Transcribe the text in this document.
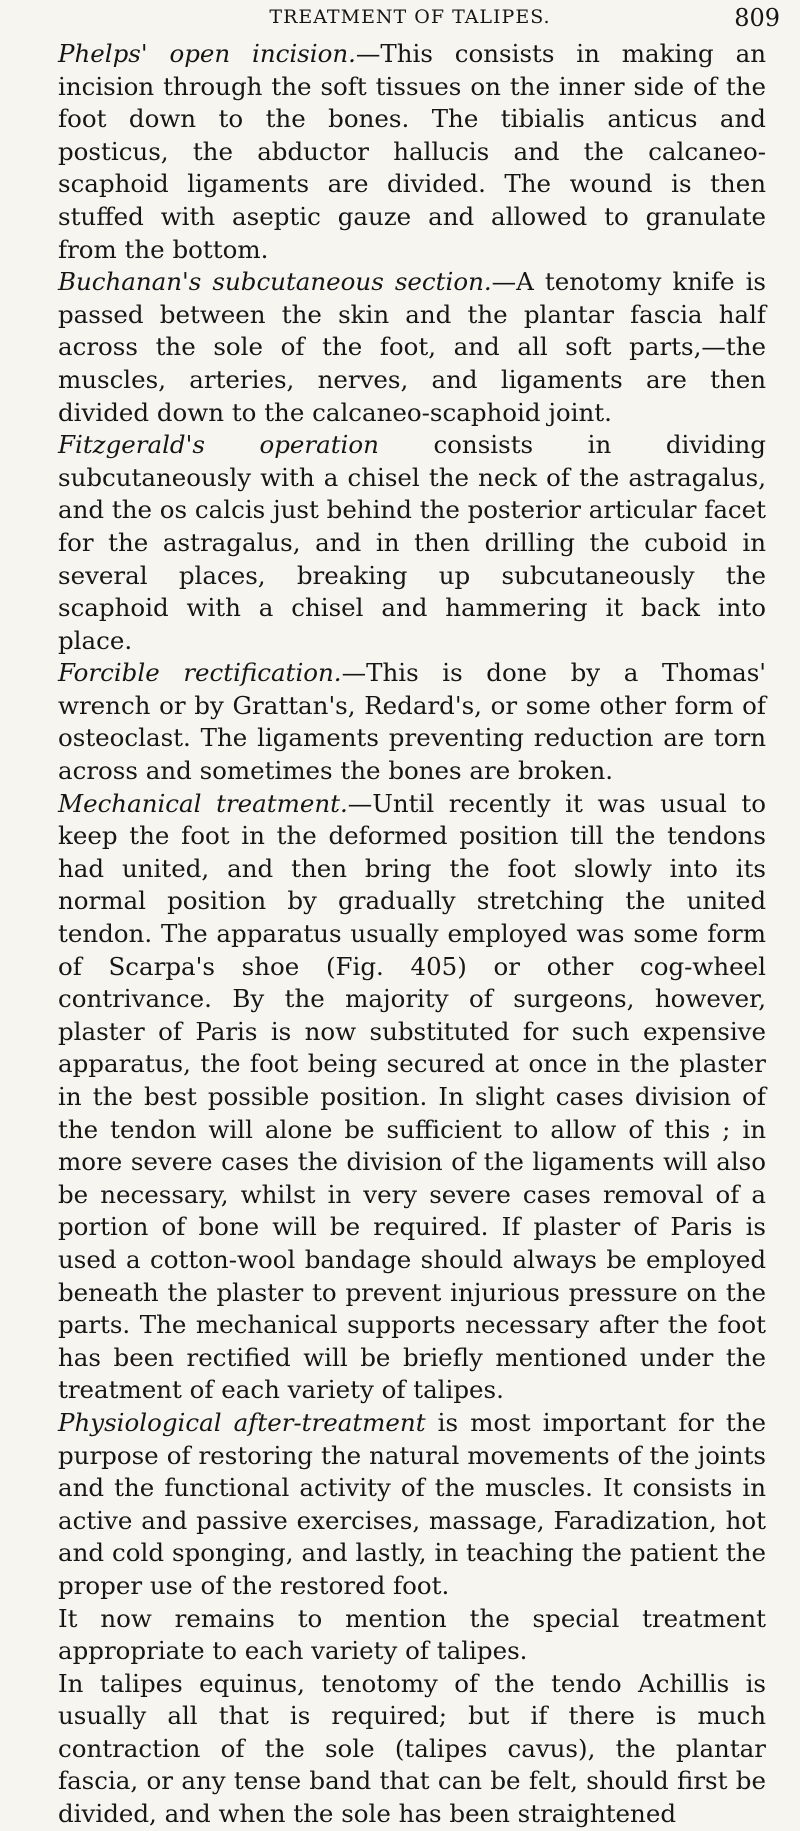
TREATMENT OF TALIPES.	809

Phelps' open incision.—This consists in making an incision through the soft tissues on the inner side of the foot down to the bones. The tibialis anticus and posticus, the abductor hallucis and the calcaneo-scaphoid ligaments are divided. The wound is then stuffed with aseptic gauze and allowed to granulate from the bottom.

Buchanan's subcutaneous section.—A tenotomy knife is passed between the skin and the plantar fascia half across the sole of the foot, and all soft parts,—the muscles, arteries, nerves, and ligaments are then divided down to the calcaneo-scaphoid joint.

Fitzgerald's operation consists in dividing subcutaneously with a chisel the neck of the astragalus, and the os calcis just behind the posterior articular facet for the astragalus, and in then drilling the cuboid in several places, breaking up subcutaneously the scaphoid with a chisel and hammering it back into place.

Forcible rectification.—This is done by a Thomas' wrench or by Grattan's, Redard's, or some other form of osteoclast. The ligaments preventing reduction are torn across and sometimes the bones are broken.

Mechanical treatment.—Until recently it was usual to keep the foot in the deformed position till the tendons had united, and then bring the foot slowly into its normal position by gradually stretching the united tendon. The apparatus usually employed was some form of Scarpa's shoe (Fig. 405) or other cog-wheel contrivance. By the majority of surgeons, however, plaster of Paris is now substituted for such expensive apparatus, the foot being secured at once in the plaster in the best possible position. In slight cases division of the tendon will alone be sufficient to allow of this ; in more severe cases the division of the ligaments will also be necessary, whilst in very severe cases removal of a portion of bone will be required. If plaster of Paris is used a cotton-wool bandage should always be employed beneath the plaster to prevent injurious pressure on the parts. The mechanical supports necessary after the foot has been rectified will be briefly mentioned under the treatment of each variety of talipes.

Physiological after-treatment is most important for the purpose of restoring the natural movements of the joints and the functional activity of the muscles. It consists in active and passive exercises, massage, Faradization, hot and cold sponging, and lastly, in teaching the patient the proper use of the restored foot.

It now remains to mention the special treatment appropriate to each variety of talipes.

In talipes equinus, tenotomy of the tendo Achillis is usually all that is required; but if there is much contraction of the sole (talipes cavus), the plantar fascia, or any tense band that can be felt, should first be divided, and when the sole has been straightened
